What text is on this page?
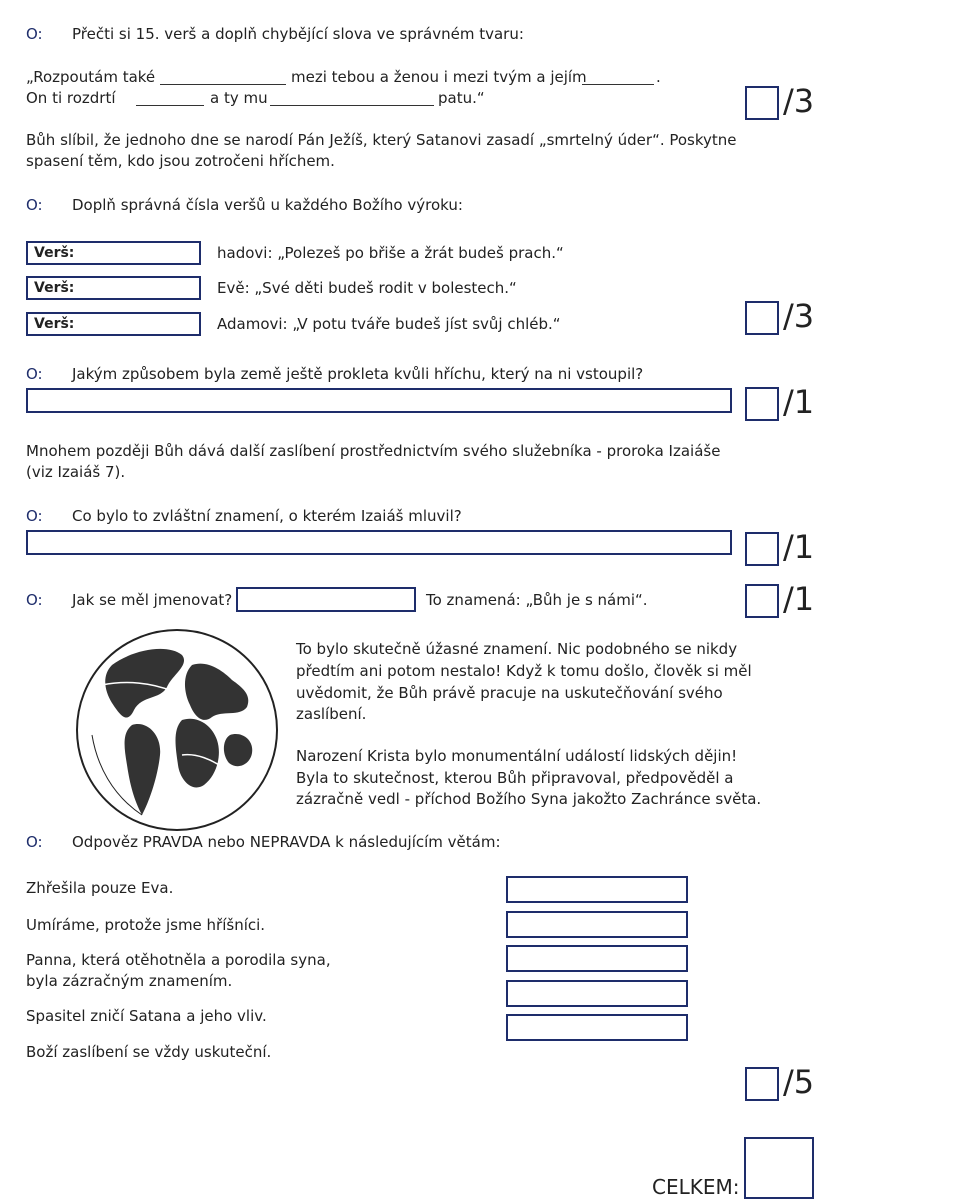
O: Přečti si 15. verš a doplň chybějící slova ve správném tvaru:
„Rozpoutám také	mezi tebou a ženou i mezi tvým a jejím	.
On ti rozdrtí	a ty mu	patu.“	/3
Bůh slíbil, že jednoho dne se narodí Pán Ježíš, který Satanovi zasadí „smrtelný úder“. Poskytne
spasení těm, kdo jsou zotročeni hříchem.
O: Doplň správná čísla veršů u každého Božího výroku:
Verš:	hadovi: „Polezeš po břiše a žrát budeš prach.“
Verš:	Evě: „Své děti budeš rodit v bolestech.“
Verš:	Adamovi: „V potu tváře budeš jíst svůj chléb.“	/3
O: Jakým způsobem byla země ještě prokleta kvůli hříchu, který na ni vstoupil?
/1
Mnohem později Bůh dává další zaslíbení prostřednictvím svého služebníka - proroka Izaiáše
(viz Izaiáš 7).
O: Co bylo to zvláštní znamení, o kterém Izaiáš mluvil?
/1
O: Jak se měl jmenovat?	To znamená: „Bůh je s námi“.	/1
To bylo skutečně úžasné znamení. Nic podobného se nikdy
předtím ani potom nestalo! Když k tomu došlo, člověk si měl
uvědomit, že Bůh právě pracuje na uskutečňování svého
zaslíbení.
Narození Krista bylo monumentální událostí lidských dějin!
Byla to skutečnost, kterou Bůh připravoval, předpověděl a
zázračně vedl - příchod Božího Syna jakožto Zachránce světa.
O: Odpověz PRAVDA nebo NEPRAVDA k následujícím větám:
Zhřešila pouze Eva.
Umíráme, protože jsme hříšníci.
Panna, která otěhotněla a porodila syna,
byla zázračným znamením.
Spasitel zničí Satana a jeho vliv.
Boží zaslíbení se vždy uskuteční.
/5
CELKEM:
